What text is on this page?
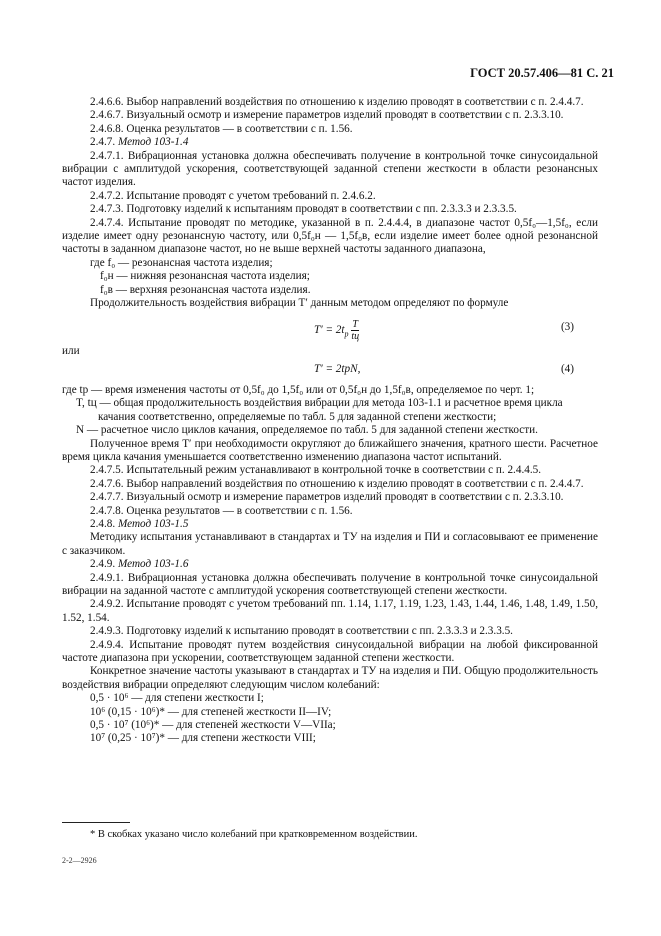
ГОСТ 20.57.406—81 С. 21

2.4.6.6. Выбор направлений воздействия по отношению к изделию проводят в соответствии с п. 2.4.4.7.

2.4.6.7. Визуальный осмотр и измерение параметров изделий проводят в соответствии с п. 2.3.3.10.

2.4.6.8. Оценка результатов — в соответствии с п. 1.56.

2.4.7. Метод 103-1.4

2.4.7.1. Вибрационная установка должна обеспечивать получение в контрольной точке синусоидальной вибрации с амплитудой ускорения, соответствующей заданной степени жесткости в области резонансных частот изделия.

2.4.7.2. Испытание проводят с учетом требований п. 2.4.6.2.

2.4.7.3. Подготовку изделий к испытаниям проводят в соответствии с пп. 2.3.3.3 и 2.3.3.5.

2.4.7.4. Испытание проводят по методике, указанной в п. 2.4.4.4, в диапазоне частот 0,5f₀—1,5f₀, если изделие имеет одну резонансную частоту, или 0,5f₀н — 1,5f₀в, если изделие имеет более одной резонансной частоты в заданном диапазоне частот, но не выше верхней частоты заданного диапазона,

где f₀ — резонансная частота изделия;

f₀н — нижняя резонансная частота изделия;

f₀в — верхняя резонансная частота изделия.

Продолжительность воздействия вибрации T′ данным методом определяют по формуле

$T' = 2t_р \frac{T}{tц}$	(3)

или

T′ = 2tрN,	(4)

где tр — время изменения частоты от 0,5f₀ до 1,5f₀ или от 0,5f₀н до 1,5f₀в, определяемое по черт. 1;

T, tц — общая продолжительность воздействия вибрации для метода 103-1.1 и расчетное время цикла качания соответственно, определяемые по табл. 5 для заданной степени жесткости;

N — расчетное число циклов качания, определяемое по табл. 5 для заданной степени жесткости.

Полученное время T′ при необходимости округляют до ближайшего значения, кратного шести. Расчетное время цикла качания уменьшается соответственно изменению диапазона частот испытаний.

2.4.7.5. Испытательный режим устанавливают в контрольной точке в соответствии с п. 2.4.4.5.

2.4.7.6. Выбор направлений воздействия по отношению к изделию проводят в соответствии с п. 2.4.4.7.

2.4.7.7. Визуальный осмотр и измерение параметров изделий проводят в соответствии с п. 2.3.3.10.

2.4.7.8. Оценка результатов — в соответствии с п. 1.56.

2.4.8. Метод 103-1.5

Методику испытания устанавливают в стандартах и ТУ на изделия и ПИ и согласовывают ее применение с заказчиком.

2.4.9. Метод 103-1.6

2.4.9.1. Вибрационная установка должна обеспечивать получение в контрольной точке синусоидальной вибрации на заданной частоте с амплитудой ускорения соответствующей степени жесткости.

2.4.9.2. Испытание проводят с учетом требований пп. 1.14, 1.17, 1.19, 1.23, 1.43, 1.44, 1.46, 1.48, 1.49, 1.50, 1.52, 1.54.

2.4.9.3. Подготовку изделий к испытанию проводят в соответствии с пп. 2.3.3.3 и 2.3.3.5.

2.4.9.4. Испытание проводят путем воздействия синусоидальной вибрации на любой фиксированной частоте диапазона при ускорении, соответствующем заданной степени жесткости.

Конкретное значение частоты указывают в стандартах и ТУ на изделия и ПИ. Общую продолжительность воздействия вибрации определяют следующим числом колебаний:

0,5 · 10⁶ — для степени жесткости I;

10⁶ (0,15 · 10⁶)* — для степеней жесткости II—IV;

0,5 · 10⁷ (10⁶)* — для степеней жесткости V—VIIa;

10⁷ (0,25 · 10⁷)* — для степени жесткости VIII;

* В скобках указано число колебаний при кратковременном воздействии.
2-2—2926
